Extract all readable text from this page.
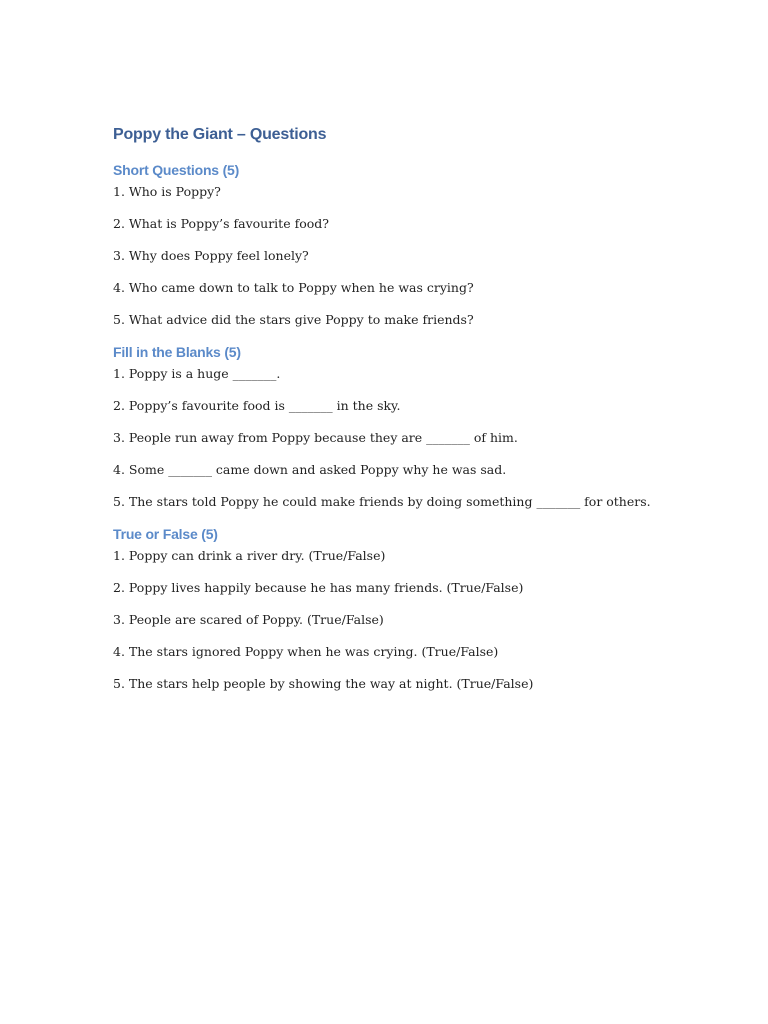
Poppy the Giant – Questions
Short Questions (5)

1. Who is Poppy?

2. What is Poppy’s favourite food?

3. Why does Poppy feel lonely?

4. Who came down to talk to Poppy when he was crying?

5. What advice did the stars give Poppy to make friends?

Fill in the Blanks (5)

1. Poppy is a huge _______.

2. Poppy’s favourite food is _______ in the sky.

3. People run away from Poppy because they are _______ of him.

4. Some _______ came down and asked Poppy why he was sad.

5. The stars told Poppy he could make friends by doing something _______ for others.

True or False (5)

1. Poppy can drink a river dry. (True/False)

2. Poppy lives happily because he has many friends. (True/False)

3. People are scared of Poppy. (True/False)

4. The stars ignored Poppy when he was crying. (True/False)

5. The stars help people by showing the way at night. (True/False)
